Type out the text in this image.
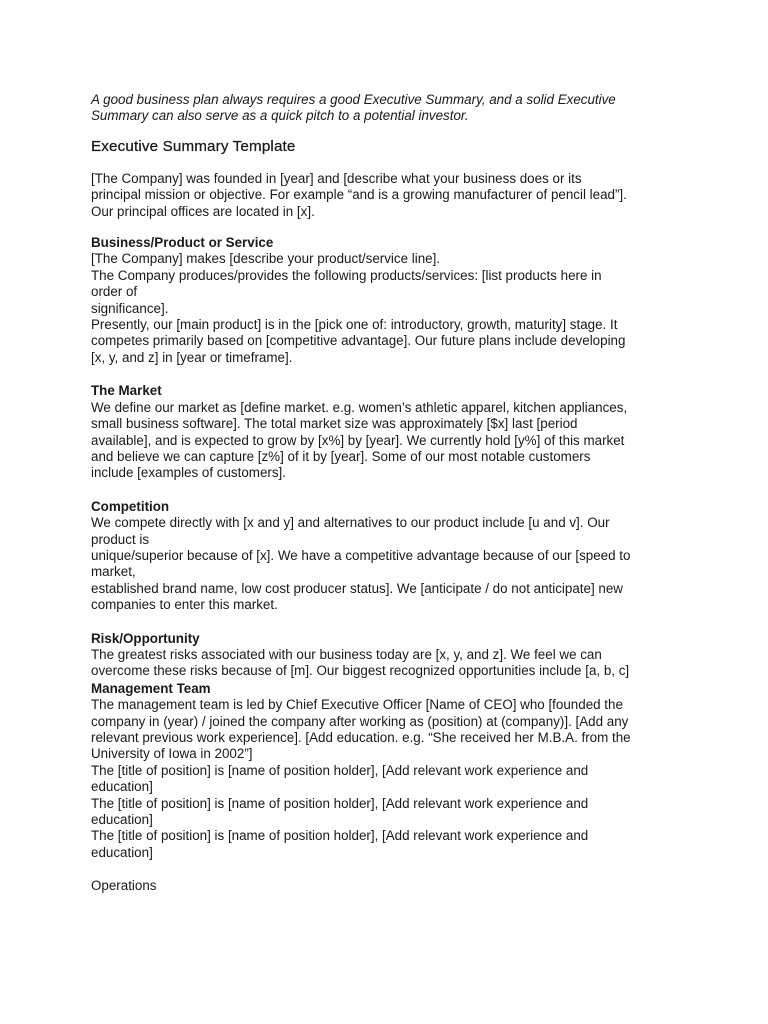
A good business plan always requires a good Executive Summary, and a solid Executive
Summary can also serve as a quick pitch to a potential investor.

Executive Summary Template

[The Company] was founded in [year] and [describe what your business does or its
principal mission or objective. For example “and is a growing manufacturer of pencil lead”].
Our principal offices are located in [x].

Business/Product or Service
[The Company] makes [describe your product/service line].
The Company produces/provides the following products/services: [list products here in
order of
significance].
Presently, our [main product] is in the [pick one of: introductory, growth, maturity] stage. It
competes primarily based on [competitive advantage]. Our future plans include developing
[x, y, and z] in [year or timeframe].
The Market
We define our market as [define market. e.g. women’s athletic apparel, kitchen appliances,
small business software]. The total market size was approximately [$x] last [period
available], and is expected to grow by [x%] by [year]. We currently hold [y%] of this market
and believe we can capture [z%] of it by [year]. Some of our most notable customers
include [examples of customers].
Competition
We compete directly with [x and y] and alternatives to our product include [u and v]. Our
product is
unique/superior because of [x]. We have a competitive advantage because of our [speed to
market,
established brand name, low cost producer status]. We [anticipate / do not anticipate] new
companies to enter this market.
Risk/Opportunity
The greatest risks associated with our business today are [x, y, and z]. We feel we can
overcome these risks because of [m]. Our biggest recognized opportunities include [a, b, c]
Management Team
The management team is led by Chief Executive Officer [Name of CEO] who [founded the
company in (year) / joined the company after working as (position) at (company)]. [Add any
relevant previous work experience]. [Add education. e.g. “She received her M.B.A. from the
University of Iowa in 2002”]
The [title of position] is [name of position holder], [Add relevant work experience and
education]
The [title of position] is [name of position holder], [Add relevant work experience and
education]
The [title of position] is [name of position holder], [Add relevant work experience and
education]

Operations
